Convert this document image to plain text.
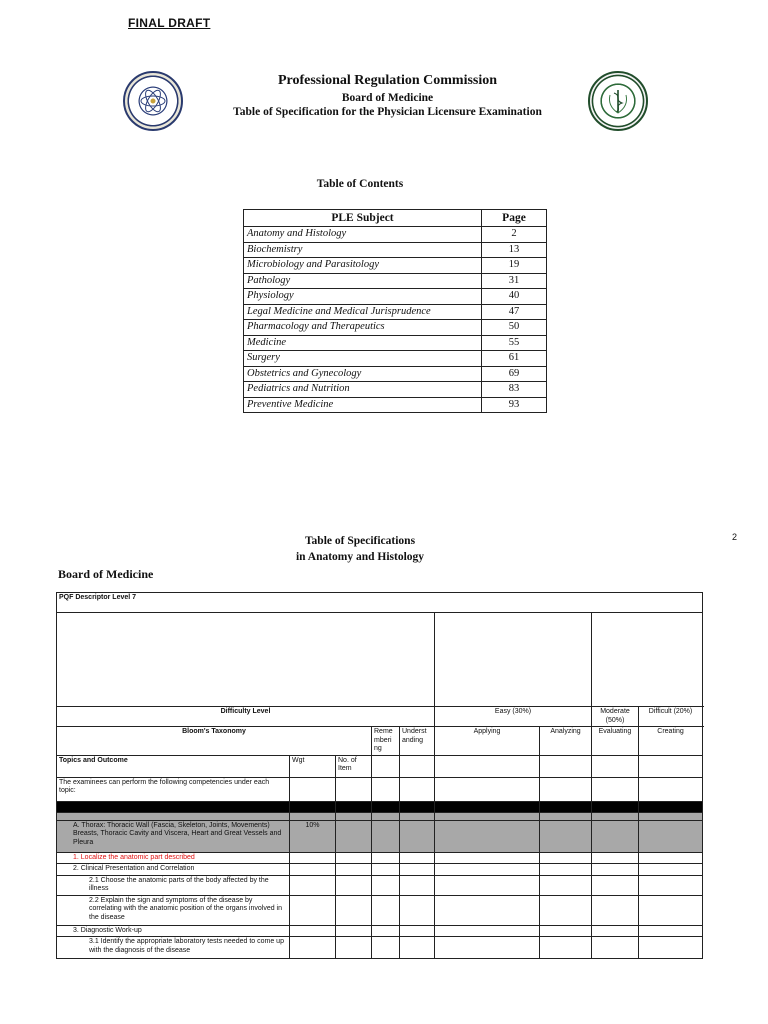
FINAL DRAFT
Professional Regulation Commission
Board of Medicine
Table of Specification for the Physician Licensure Examination
Table of Contents
PLE Subject	Page
Anatomy and Histology	2
Biochemistry	13
Microbiology and Parasitology	19
Pathology	31
Physiology	40
Legal Medicine and Medical Jurisprudence	47
Pharmacology and Therapeutics	50
Medicine	55
Surgery	61
Obstetrics and Gynecology	69
Pediatrics and Nutrition	83
Preventive Medicine	93
2
Table of Specifications
in Anatomy and Histology
Board of Medicine
PQF Descriptor Level 7								

Difficulty Level					Easy (30%)		Moderate (50%)	Difficult (20%)
Bloom's Taxonomy			Reme mberi ng	Underst anding	Applying	Analyzing	Evaluating	Creating
Topics and Outcome	Wgt	No. of Item						
The examinees can perform the following competencies under each topic:								

A. Thorax: Thoracic Wall (Fascia, Skeleton, Joints, Movements) Breasts, Thoracic Cavity and Viscera, Heart and Great Vessels and Pleura	10%							
1. Localize the anatomic part described								
2. Clinical Presentation and Correlation								
2.1 Choose the anatomic parts of the body affected by the illness								
2.2 Explain the sign and symptoms of the disease by correlating with the anatomic position of the organs involved in the disease								
3. Diagnostic Work-up								
3.1 Identify the appropriate laboratory tests needed to come up with the diagnosis of the disease								
